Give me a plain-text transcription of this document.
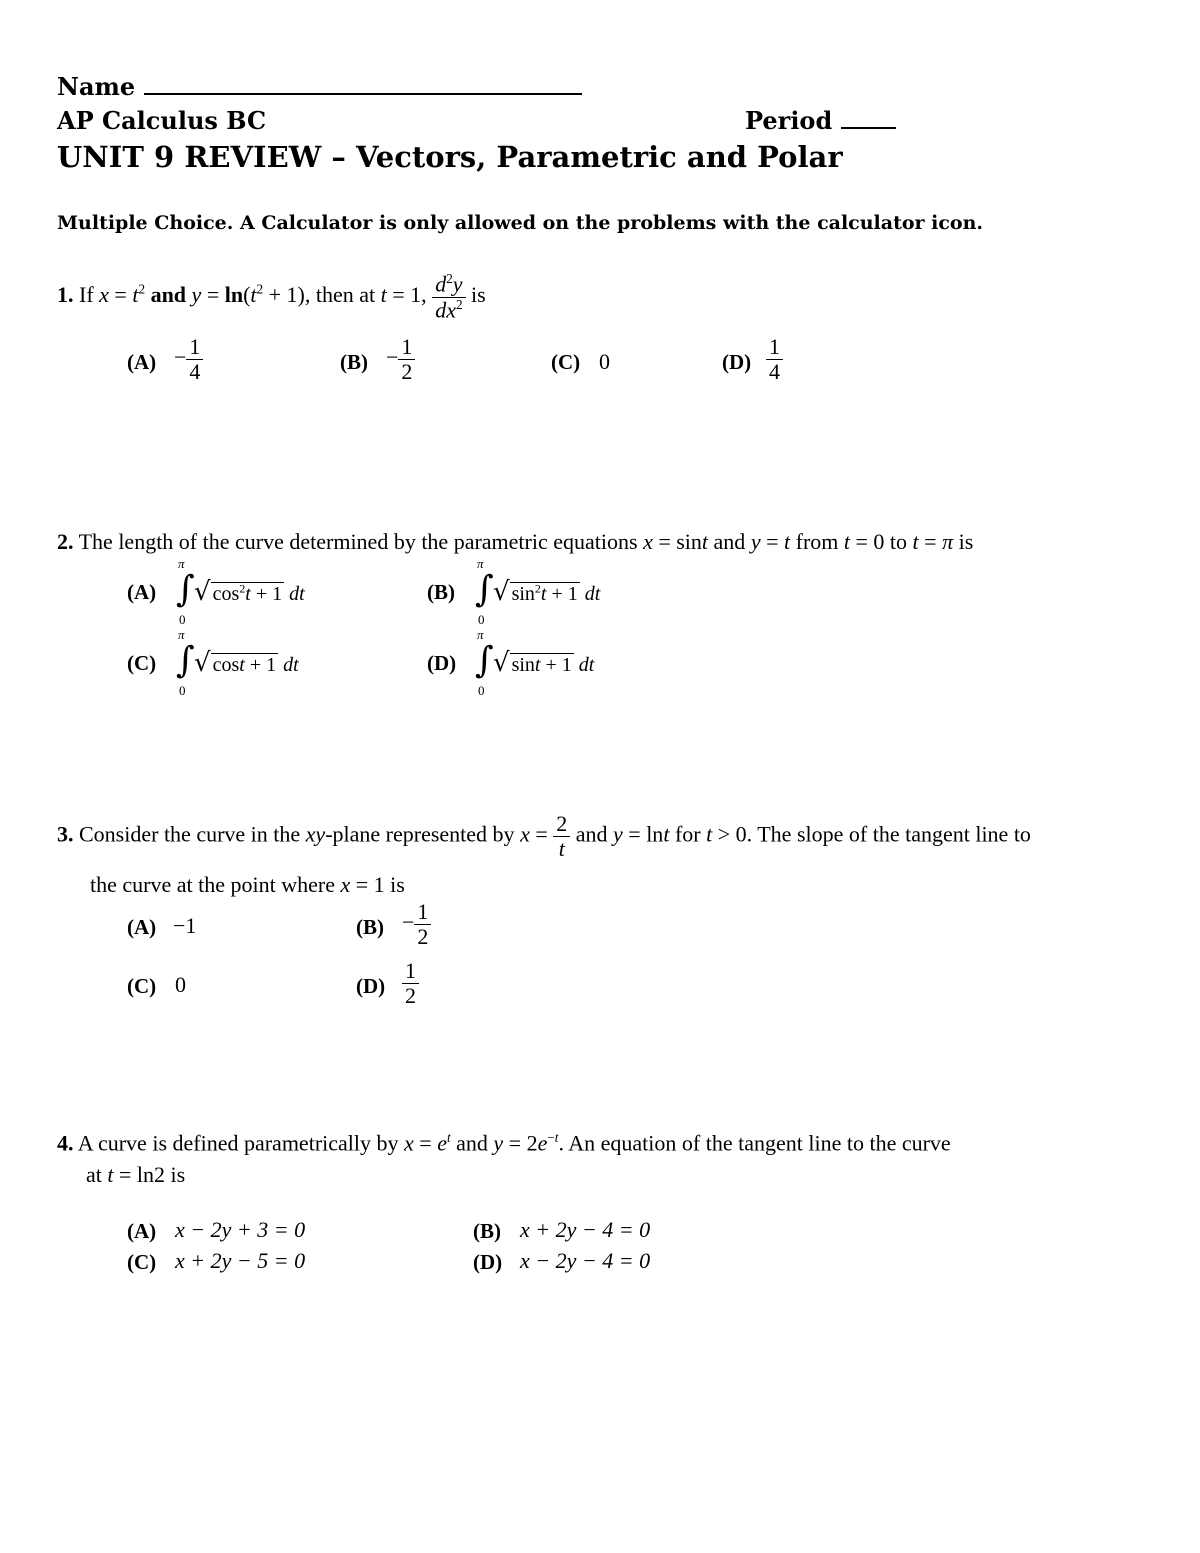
Name
AP Calculus BC	Period
UNIT 9 REVIEW – Vectors, Parametric and Polar
Multiple Choice. A Calculator is only allowed on the problems with the calculator icon.
1. If $x = t^2$ and $y = \ln(t^2 + 1)$, then at t = 1, $\frac{d^2y}{dx^2}$ is
$(A) - \frac{1}{4}$	$(B) - \frac{1}{2}$	(C) 0	$(D) \frac{1}{4}$
2. The length of the curve determined by the parametric equations x = sint and y = t from t = 0 to t = π is
(A)
π
∫
0
√ $\cos^2t + 1$ dt	(B)
π
∫
0
√ $\sin^2t + 1$ dt
(C)
π
∫
0
√ cost + 1 dt	(D)
π
∫
0
√ sint + 1 dt
3. Consider the curve in the xy-plane represented by $x = \frac{2}{t}$ and y = lnt for t > 0. The slope of the tangent line to
the curve at the point where x = 1 is
(A) −1	$(B) - \frac{1}{2}$
(C) 0	$(D) \frac{1}{2}$
4. A curve is defined parametrically by $x = e^t$ and $y = 2e^{-t}$. An equation of the tangent line to the curve
at t = ln2 is
(A) x − 2y + 3 = 0	(B) x + 2y − 4 = 0
(C) x + 2y − 5 = 0	(D) x − 2y − 4 = 0
